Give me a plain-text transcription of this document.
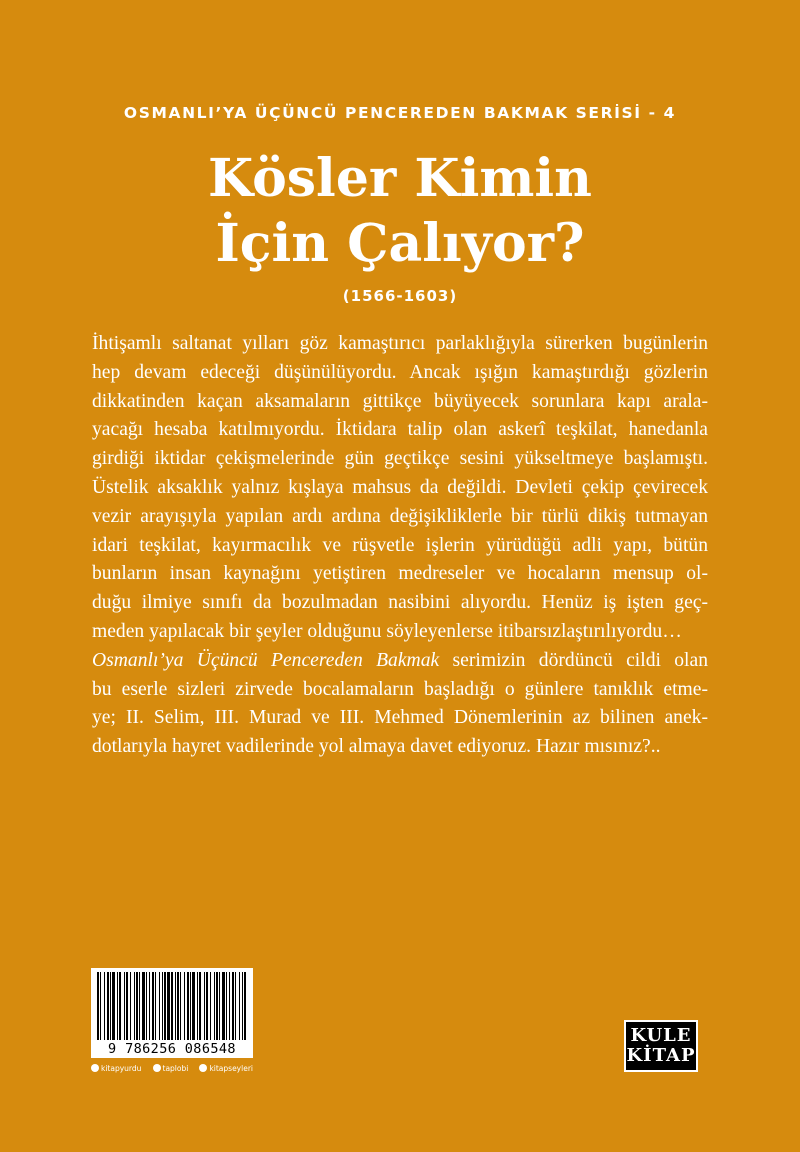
OSMANLI’YA ÜÇÜNCÜ PENCEREDEN BAKMAK SERİSİ - 4
Kösler Kimin
İçin Çalıyor?
(1566-1603)

İhtişamlı saltanat yılları göz kamaştırıcı parlaklığıyla sürerken bugünlerin
hep devam edeceği düşünülüyordu. Ancak ışığın kamaştırdığı gözlerin
dikkatinden kaçan aksamaların gittikçe büyüyecek sorunlara kapı arala-
yacağı hesaba katılmıyordu. İktidara talip olan askerî teşkilat, hanedanla
girdiği iktidar çekişmelerinde gün geçtikçe sesini yükseltmeye başlamıştı.
Üstelik aksaklık yalnız kışlaya mahsus da değildi. Devleti çekip çevirecek
vezir arayışıyla yapılan ardı ardına değişikliklerle bir türlü dikiş tutmayan
idari teşkilat, kayırmacılık ve rüşvetle işlerin yürüdüğü adli yapı, bütün
bunların insan kaynağını yetiştiren medreseler ve hocaların mensup ol-
duğu ilmiye sınıfı da bozulmadan nasibini alıyordu. Henüz iş işten geç-
meden yapılacak bir şeyler olduğunu söyleyenlerse itibarsızlaştırılıyordu…
Osmanlı’ya Üçüncü Pencereden Bakmak serimizin dördüncü cildi olan
bu eserle sizleri zirvede bocalamaların başladığı o günlere tanıklık etme-
ye; II. Selim, III. Murad ve III. Mehmed Dönemlerinin az bilinen anek-
dotlarıyla hayret vadilerinde yol almaya davet ediyoruz. Hazır mısınız?..

9 786256 086548
kitapyurdu	taplobi	kitapseyleri
KULE
KİTAP
